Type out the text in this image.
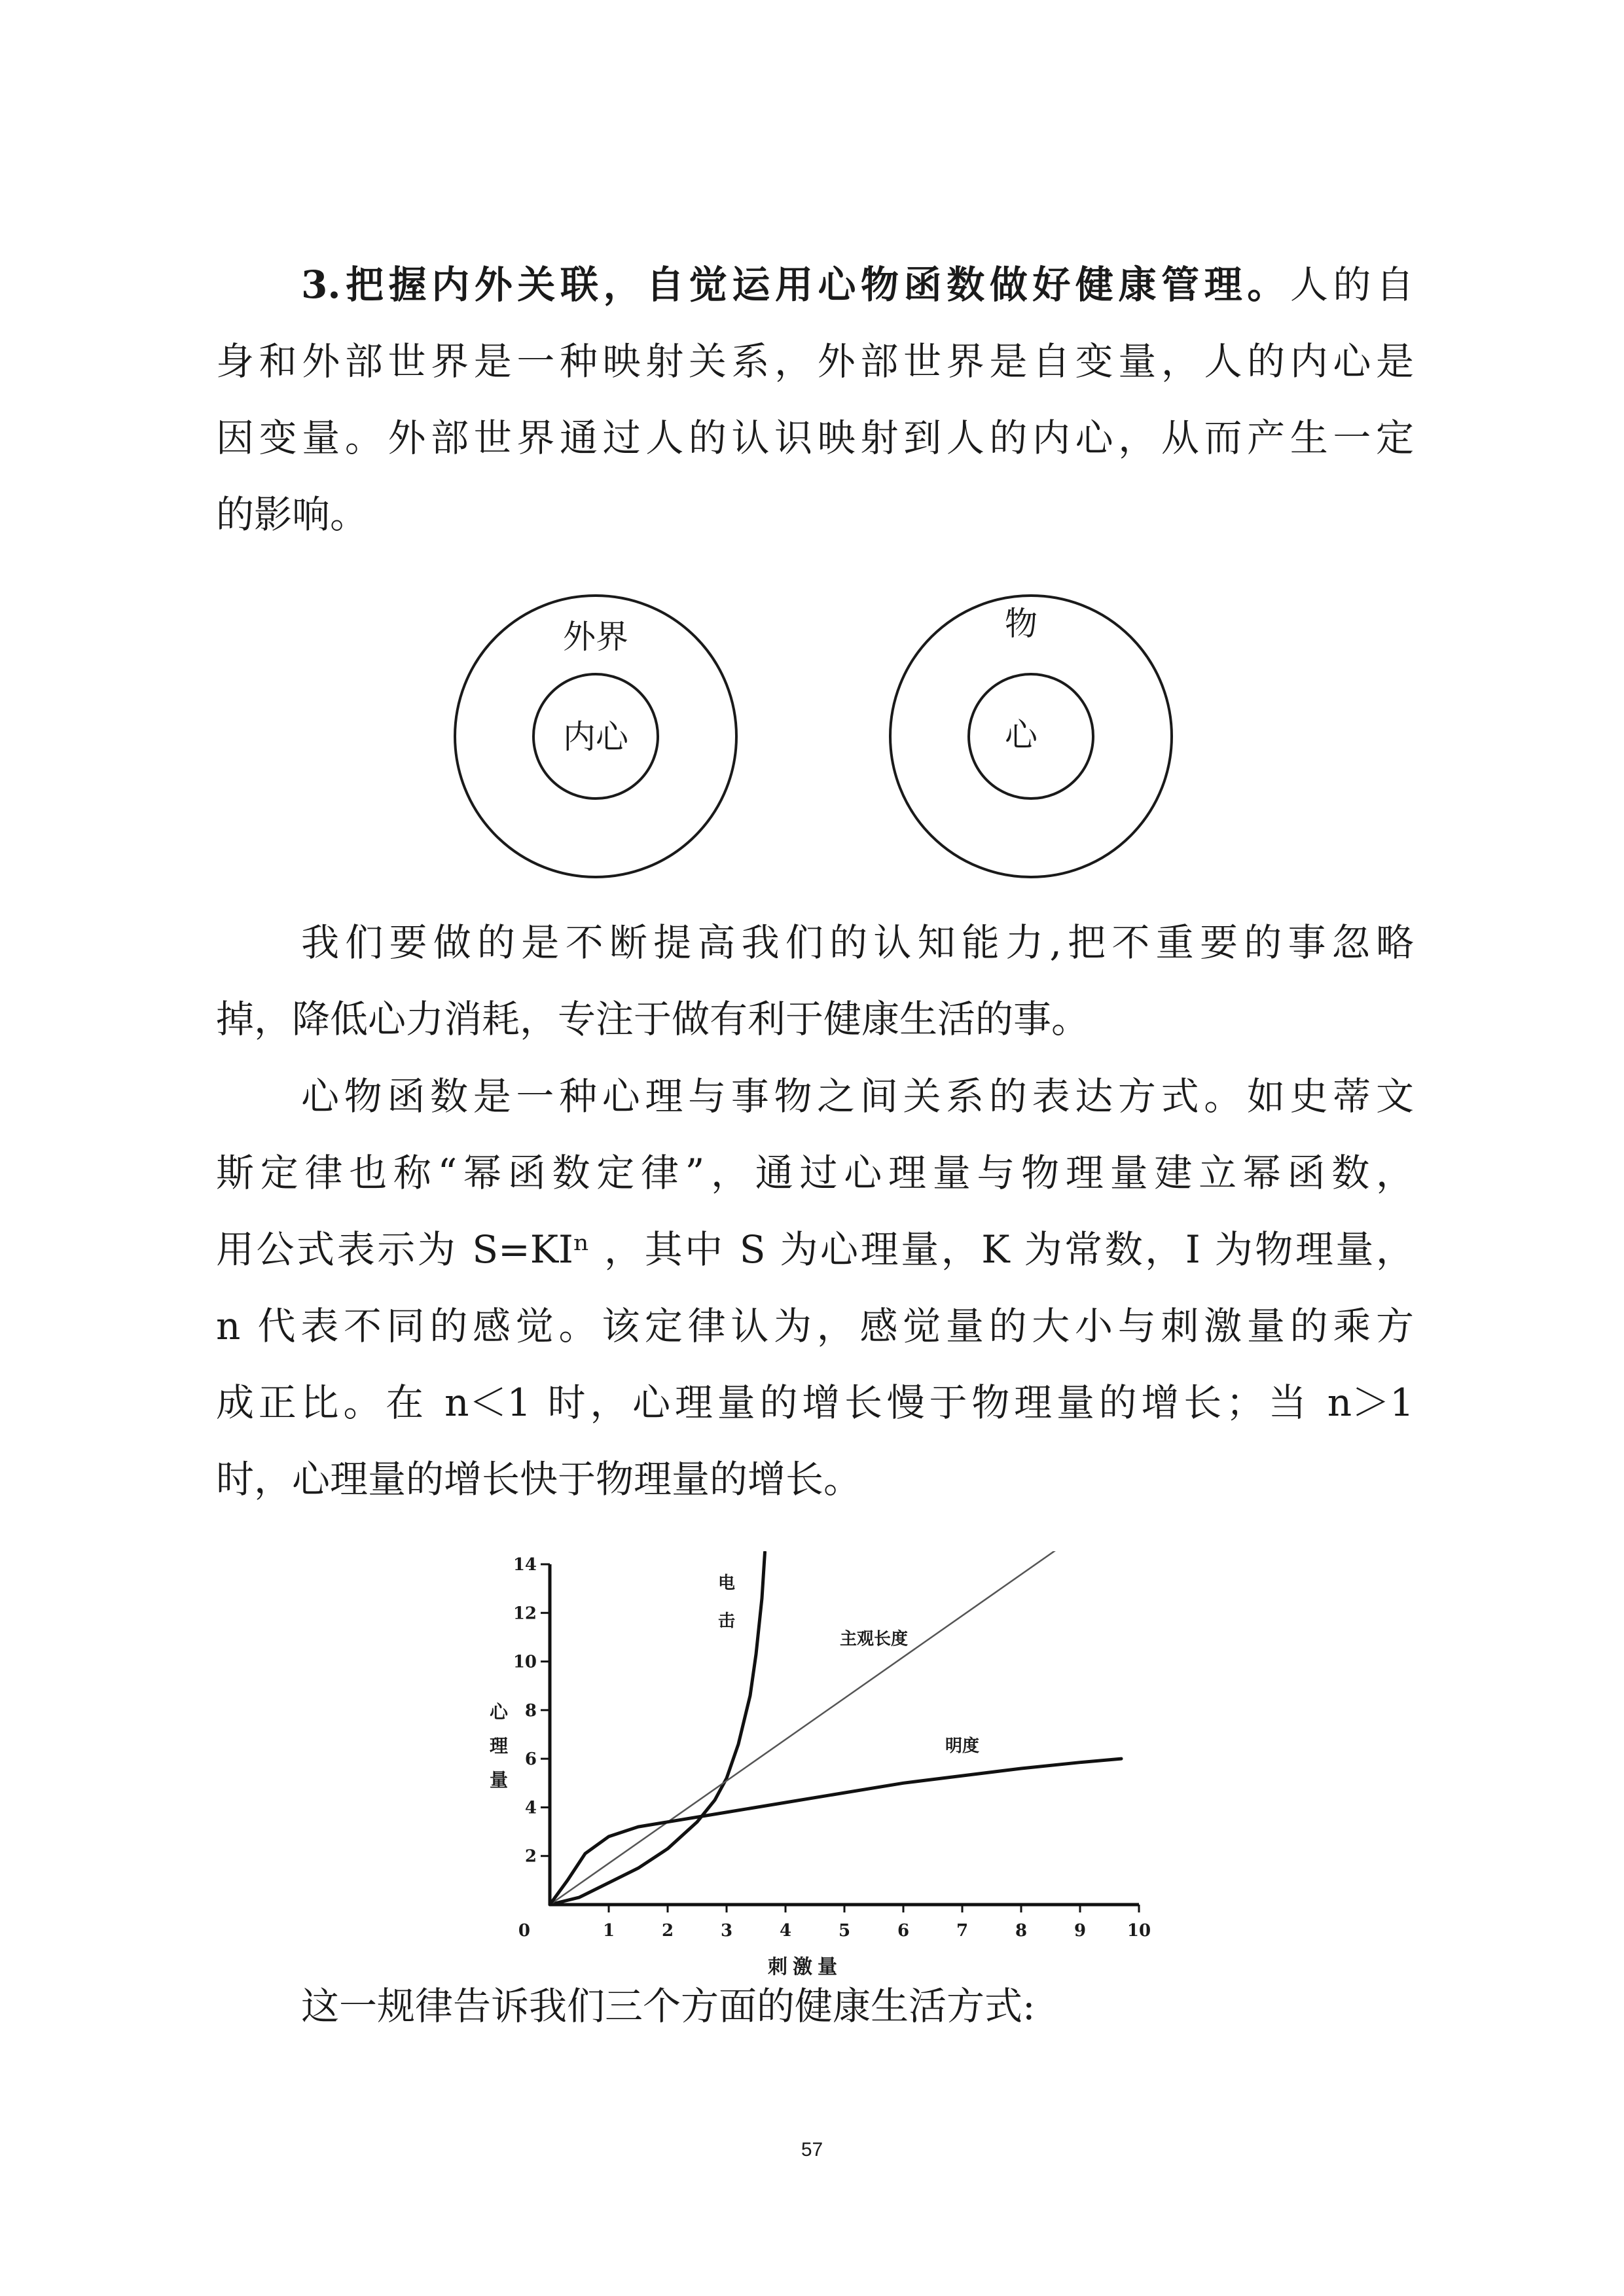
3.把握内外关联，自觉运用心物函数做好健康管理。人的自
身和外部世界是一种映射关系，外部世界是自变量，人的内心是
因变量。外部世界通过人的认识映射到人的内心，从而产生一定
的影响。
外界
内心
物
心
我们要做的是不断提高我们的认知能力,把不重要的事忽略
掉，降低心力消耗，专注于做有利于健康生活的事。
心物函数是一种心理与事物之间关系的表达方式。如史蒂文
斯定律也称“幂函数定律”，通过心理量与物理量建立幂函数，
用公式表示为 S=KIⁿ ，其中 S 为心理量，K 为常数，I 为物理量，
n 代表不同的感觉。该定律认为，感觉量的大小与刺激量的乘方
成正比。在 n＜1 时，心理量的增长慢于物理量的增长；当 n＞1
时，心理量的增长快于物理量的增长。
1	2	3	4	5	6	7	8	9 10
2
4
6
8
10
12
14
0
刺激量
心理量
电击
主观长度
明度
这一规律告诉我们三个方面的健康生活方式:
57
